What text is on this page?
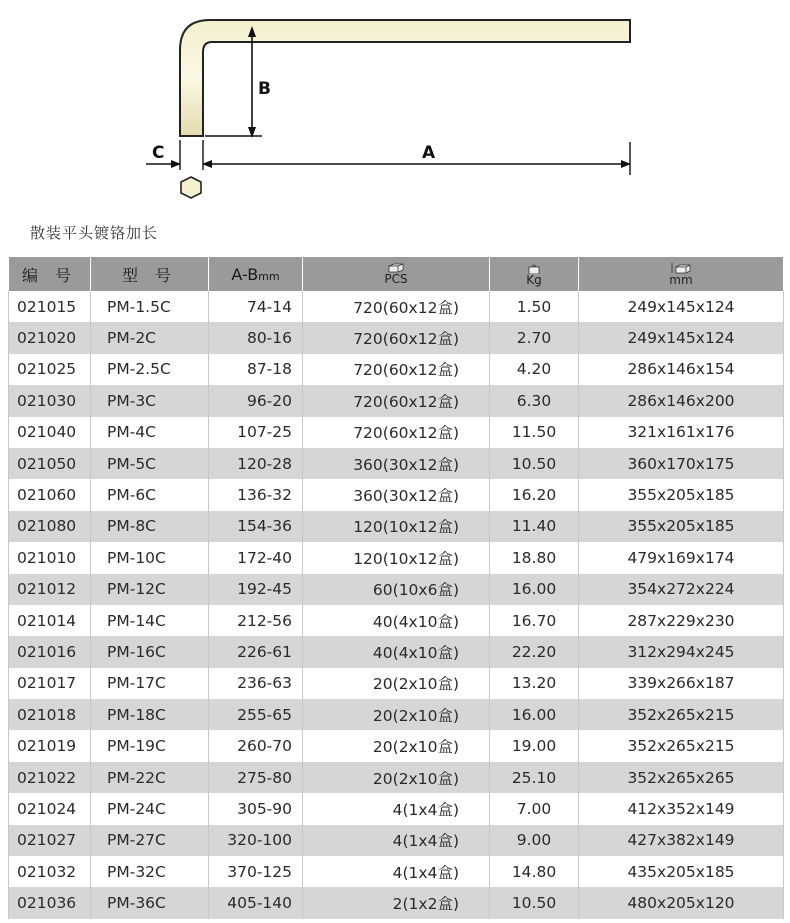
B
C	A
散装平头镀铬加长
编 号	型 号	A-Bmm	PCS	Kg	mm

021015	PM-1.5C	74-14	720(60x12盒)	1.50	249x145x124
021020	PM-2C	80-16	720(60x12盒)	2.70	249x145x124
021025	PM-2.5C	87-18	720(60x12盒)	4.20	286x146x154
021030	PM-3C	96-20	720(60x12盒)	6.30	286x146x200
021040	PM-4C	107-25	720(60x12盒)	11.50	321x161x176
021050	PM-5C	120-28	360(30x12盒)	10.50	360x170x175
021060	PM-6C	136-32	360(30x12盒)	16.20	355x205x185
021080	PM-8C	154-36	120(10x12盒)	11.40	355x205x185
021010	PM-10C	172-40	120(10x12盒)	18.80	479x169x174
021012	PM-12C	192-45	60(10x6盒)	16.00	354x272x224
021014	PM-14C	212-56	40(4x10盒)	16.70	287x229x230
021016	PM-16C	226-61	40(4x10盒)	22.20	312x294x245
021017	PM-17C	236-63	20(2x10盒)	13.20	339x266x187
021018	PM-18C	255-65	20(2x10盒)	16.00	352x265x215
021019	PM-19C	260-70	20(2x10盒)	19.00	352x265x215
021022	PM-22C	275-80	20(2x10盒)	25.10	352x265x265
021024	PM-24C	305-90	4(1x4盒)	7.00	412x352x149
021027	PM-27C	320-100	4(1x4盒)	9.00	427x382x149
021032	PM-32C	370-125	4(1x4盒)	14.80	435x205x185
021036	PM-36C	405-140	2(1x2盒)	10.50	480x205x120
